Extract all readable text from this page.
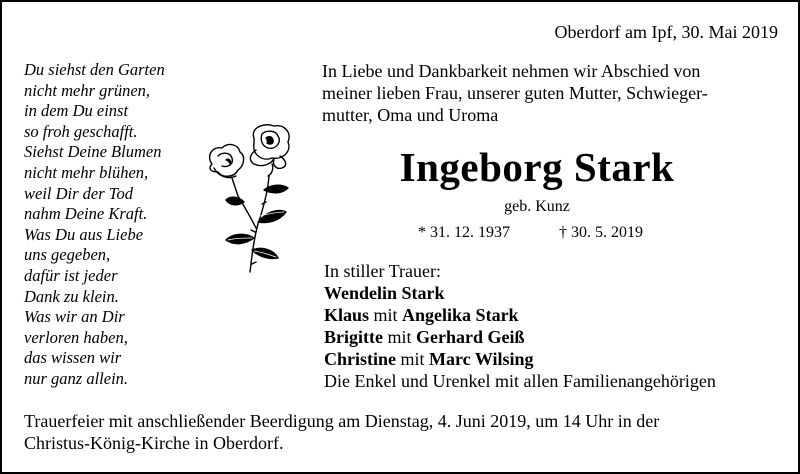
Oberdorf am Ipf, 30. Mai 2019
Du siehst den Garten
nicht mehr grünen,
in dem Du einst
so froh geschafft.
Siehst Deine Blumen
nicht mehr blühen,
weil Dir der Tod
nahm Deine Kraft.
Was Du aus Liebe
uns gegeben,
dafür ist jeder
Dank zu klein.
Was wir an Dir
verloren haben,
das wissen wir
nur ganz allein.
In Liebe und Dankbarkeit nehmen wir Abschied von
meiner lieben Frau, unserer guten Mutter, Schwieger-
mutter, Oma und Uroma
Ingeborg Stark
geb. Kunz
* 31. 12. 1937	† 30. 5. 2019
In stiller Trauer:
Wendelin Stark
Klaus mit Angelika Stark
Brigitte mit Gerhard Geiß
Christine mit Marc Wilsing
Die Enkel und Urenkel mit allen Familienangehörigen
Trauerfeier mit anschließender Beerdigung am Dienstag, 4. Juni 2019, um 14 Uhr in der
Christus-König-Kirche in Oberdorf.
